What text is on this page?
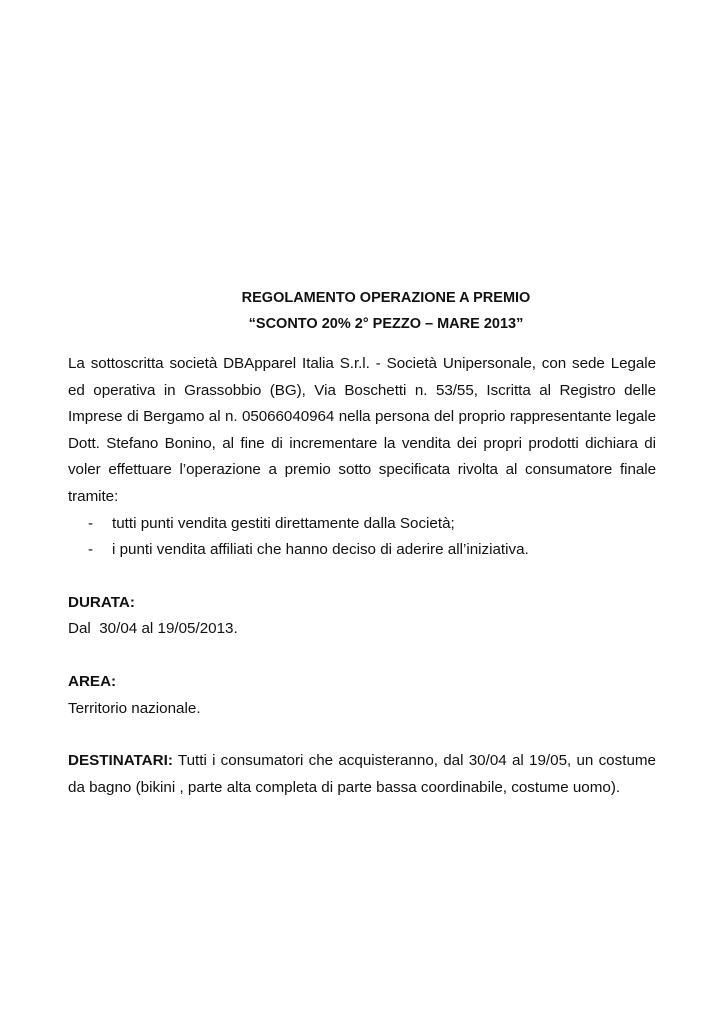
REGOLAMENTO OPERAZIONE A PREMIO
“SCONTO 20% 2° PEZZO – MARE 2013”
La sottoscritta società DBApparel Italia S.r.l. - Società Unipersonale, con sede Legale ed operativa in Grassobbio (BG), Via Boschetti n. 53/55, Iscritta al Registro delle Imprese di Bergamo al n. 05066040964 nella persona del proprio rappresentante legale Dott. Stefano Bonino, al fine di incrementare la vendita dei propri prodotti dichiara di voler effettuare l’operazione a premio sotto specificata rivolta al consumatore finale tramite:
- tutti punti vendita gestiti direttamente dalla Società;
- i punti vendita affiliati che hanno deciso di aderire all’iniziativa.
DURATA:
Dal  30/04 al 19/05/2013.
AREA:
Territorio nazionale.
DESTINATARI: Tutti i consumatori che acquisteranno, dal 30/04 al 19/05, un costume da bagno (bikini , parte alta completa di parte bassa coordinabile, costume uomo).
